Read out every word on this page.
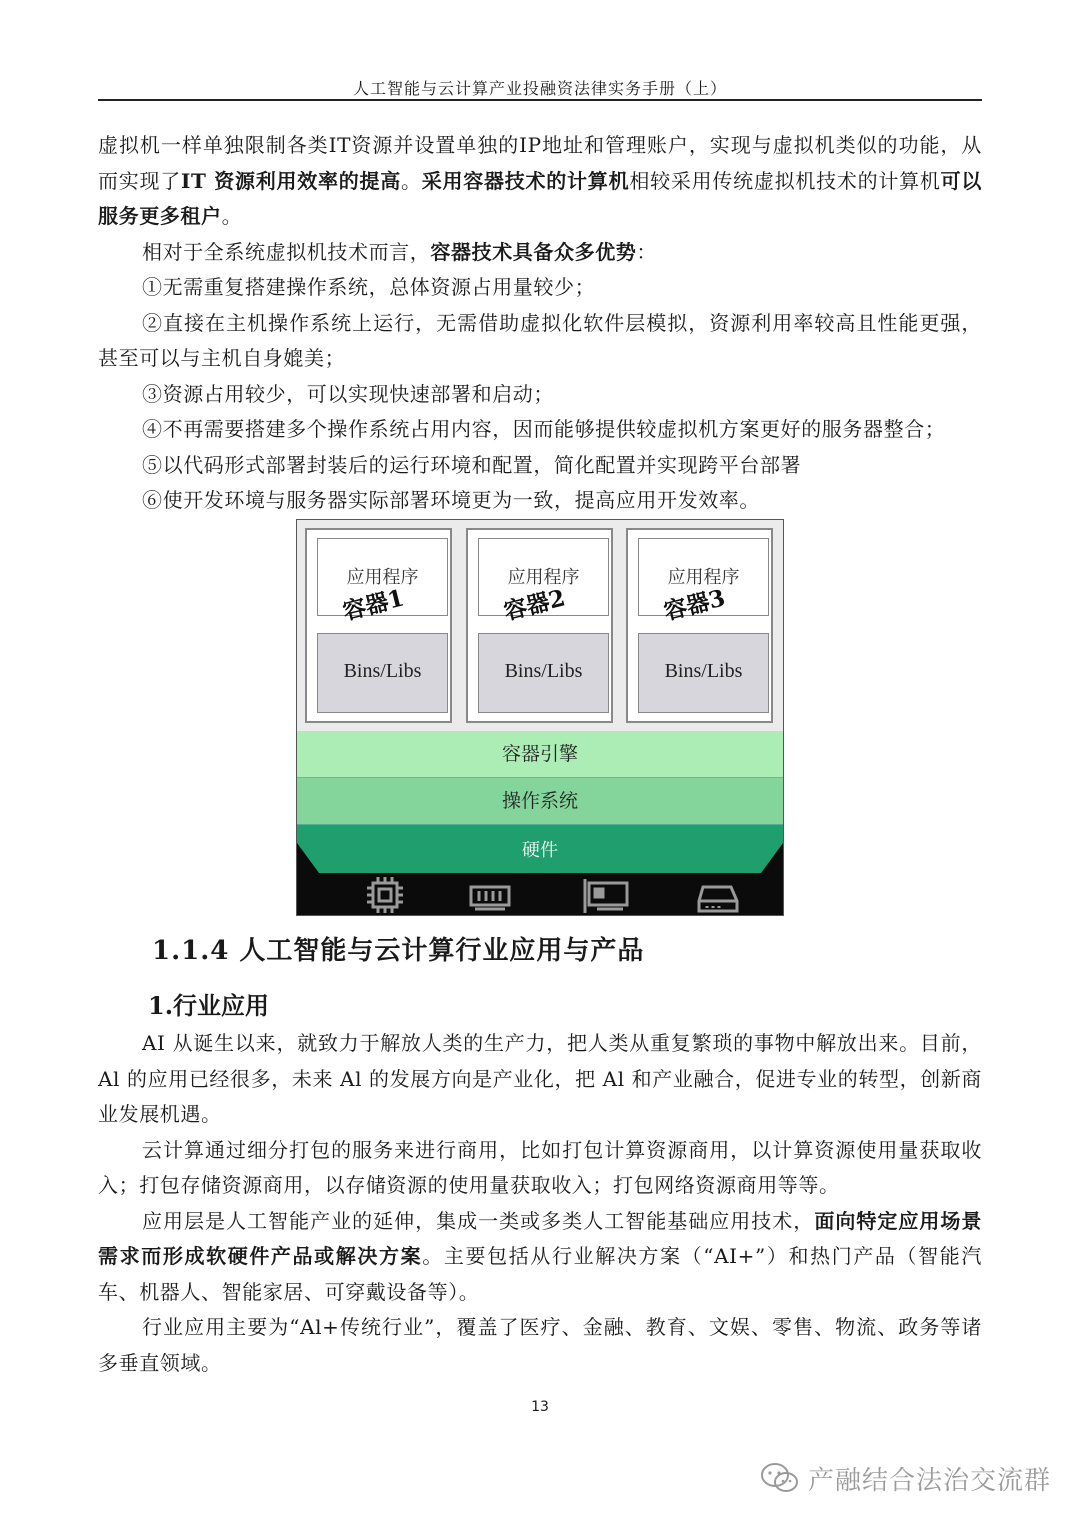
人工智能与云计算产业投融资法律实务手册（上）

虚拟机一样单独限制各类IT资源并设置单独的IP地址和管理账户，实现与虚拟机类似的功能，从而实现了IT 资源利用效率的提高。采用容器技术的计算机相较采用传统虚拟机技术的计算机可以服务更多租户。

相对于全系统虚拟机技术而言，容器技术具备众多优势：

①无需重复搭建操作系统，总体资源占用量较少；

②直接在主机操作系统上运行，无需借助虚拟化软件层模拟，资源利用率较高且性能更强，甚至可以与主机自身媲美；

③资源占用较少，可以实现快速部署和启动；

④不再需要搭建多个操作系统占用内容，因而能够提供较虚拟机方案更好的服务器整合；

⑤以代码形式部署封装后的运行环境和配置，简化配置并实现跨平台部署

⑥使开发环境与服务器实际部署环境更为一致，提高应用开发效率。

应用程序
Bins/Libs
容器1
应用程序
Bins/Libs
容器2
应用程序
Bins/Libs
容器3
容器引擎
操作系统
硬件
1.1.4 人工智能与云计算行业应用与产品
1.行业应用

AI 从诞生以来，就致力于解放人类的生产力，把人类从重复繁琐的事物中解放出来。目前，Al 的应用已经很多，未来 Al 的发展方向是产业化，把 Al 和产业融合，促进专业的转型，创新商业发展机遇。

云计算通过细分打包的服务来进行商用，比如打包计算资源商用，以计算资源使用量获取收入；打包存储资源商用，以存储资源的使用量获取收入；打包网络资源商用等等。

应用层是人工智能产业的延伸，集成一类或多类人工智能基础应用技术，面向特定应用场景需求而形成软硬件产品或解决方案。主要包括从行业解决方案（“AI+”）和热门产品（智能汽车、机器人、智能家居、可穿戴设备等）。

行业应用主要为“Al+传统行业”，覆盖了医疗、金融、教育、文娱、零售、物流、政务等诸多垂直领域。

13
产融结合法治交流群
